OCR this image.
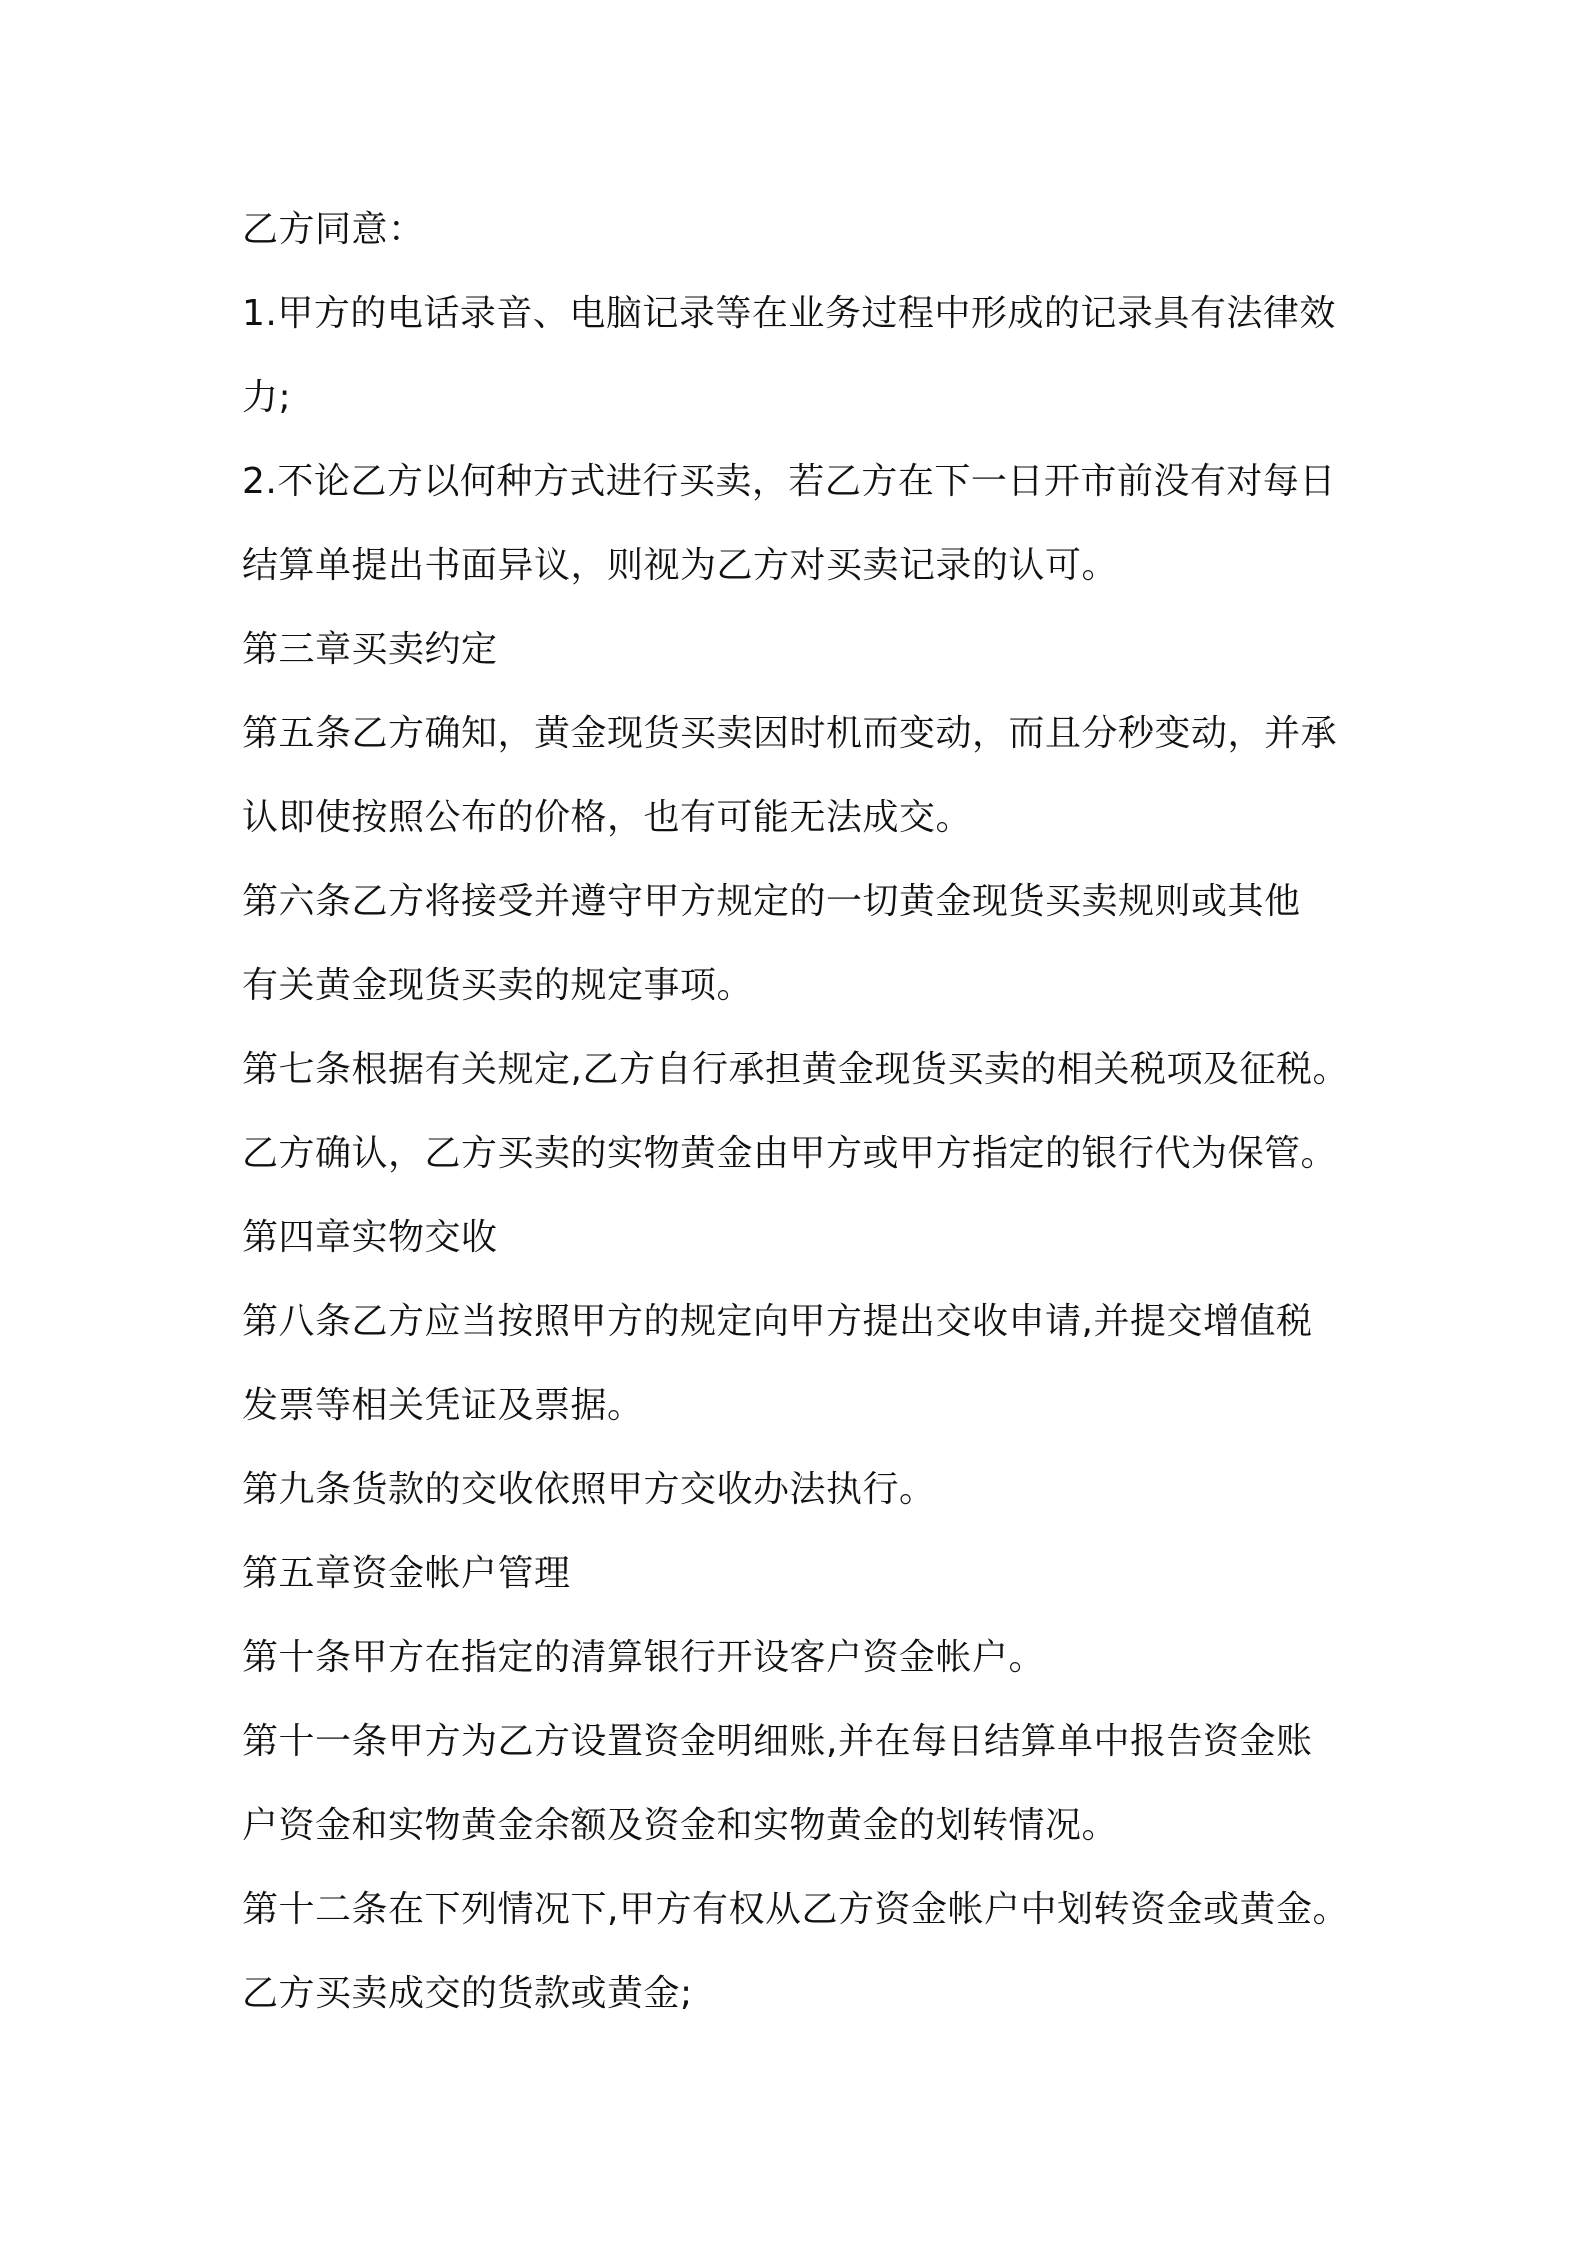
乙方同意：
1.甲方的电话录音、电脑记录等在业务过程中形成的记录具有法律效
力;
2.不论乙方以何种方式进行买卖，若乙方在下一日开市前没有对每日
结算单提出书面异议，则视为乙方对买卖记录的认可。
第三章买卖约定
第五条乙方确知，黄金现货买卖因时机而变动，而且分秒变动，并承
认即使按照公布的价格，也有可能无法成交。
第六条乙方将接受并遵守甲方规定的一切黄金现货买卖规则或其他
有关黄金现货买卖的规定事项。
第七条根据有关规定,乙方自行承担黄金现货买卖的相关税项及征税。
乙方确认，乙方买卖的实物黄金由甲方或甲方指定的银行代为保管。
第四章实物交收
第八条乙方应当按照甲方的规定向甲方提出交收申请,并提交增值税
发票等相关凭证及票据。
第九条货款的交收依照甲方交收办法执行。
第五章资金帐户管理
第十条甲方在指定的清算银行开设客户资金帐户。
第十一条甲方为乙方设置资金明细账,并在每日结算单中报告资金账
户资金和实物黄金余额及资金和实物黄金的划转情况。
第十二条在下列情况下,甲方有权从乙方资金帐户中划转资金或黄金。
乙方买卖成交的货款或黄金;
